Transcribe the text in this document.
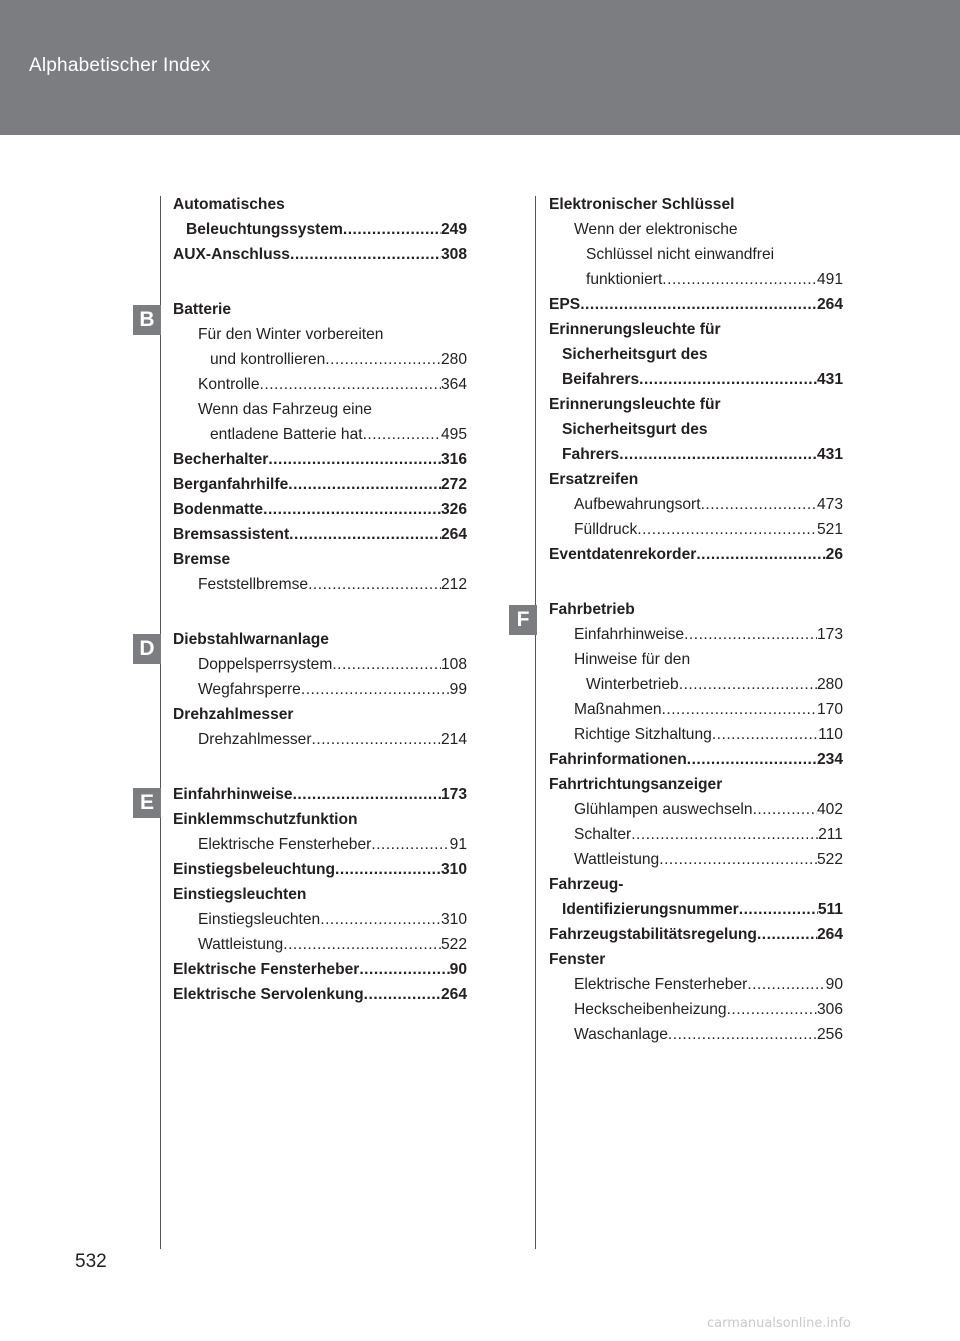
Alphabetischer Index
B
D
E
F
Automatisches
Beleuchtungssystem .....	249
AUX-Anschluss .....	308
Batterie
Für den Winter vorbereiten
und kontrollieren .....	280
Kontrolle .....	364
Wenn das Fahrzeug eine
entladene Batterie hat .....	495
Becherhalter .....	316
Berganfahrhilfe .....	272
Bodenmatte .....	326
Bremsassistent .....	264
Bremse
Feststellbremse .....	212
Diebstahlwarnanlage
Doppelsperrsystem .....	108
Wegfahrsperre .....	99
Drehzahlmesser
Drehzahlmesser .....	214
Einfahrhinweise .....	173
Einklemmschutzfunktion
Elektrische Fensterheber .....	91
Einstiegsbeleuchtung .....	310
Einstiegsleuchten
Einstiegsleuchten .....	310
Wattleistung .....	522
Elektrische Fensterheber .....	90
Elektrische Servolenkung .....	264
Elektronischer Schlüssel
Wenn der elektronische
Schlüssel nicht einwandfrei
funktioniert .....	491
EPS .....	264
Erinnerungsleuchte für
Sicherheitsgurt des
Beifahrers .....	431
Erinnerungsleuchte für
Sicherheitsgurt des
Fahrers .....	431
Ersatzreifen
Aufbewahrungsort .....	473
Fülldruck .....	521
Eventdatenrekorder .....	26
Fahrbetrieb
Einfahrhinweise .....	173
Hinweise für den
Winterbetrieb .....	280
Maßnahmen .....	170
Richtige Sitzhaltung .....	110
Fahrinformationen .....	234
Fahrtrichtungsanzeiger
Glühlampen auswechseln .....	402
Schalter .....	211
Wattleistung .....	522
Fahrzeug-
Identifizierungsnummer .....	511
Fahrzeugstabilitätsregelung .....	264
Fenster
Elektrische Fensterheber .....	90
Heckscheibenheizung .....	306
Waschanlage .....	256
532
carmanualsonline.info
